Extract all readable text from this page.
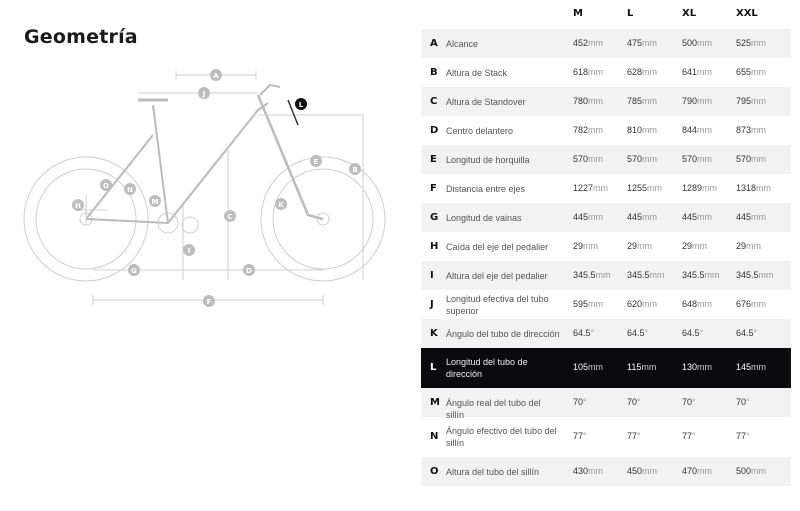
Geometría
A
B
C
D
E
F
G
H
I
J
K
L
M
N
O
M	L	XL	XXL
A Alcance	452mm	475mm	500mm	525mm
B Altura de Stack	618mm	628mm	641mm	655mm
C Altura de Standover	780mm	785mm	790mm	795mm
D Centro delantero	782mm	810mm	844mm	873mm
E Longitud de horquilla	570mm	570mm	570mm	570mm
F Distancia entre ejes	1227mm 1255mm 1289mm 1318mm
G Longitud de vainas	445mm	445mm	445mm	445mm
H Caída del eje del pedalier	29mm	29mm	29mm	29mm
I Altura del eje del pedalier	345.5mm 345.5mm 345.5mm 345.5mm
J Longitud efectiva del tubo superior
595mm	620mm	648mm	676mm
K Ángulo del tubo de dirección 64.5°	64.5°	64.5°	64.5°
L Longitud del tubo de dirección
105mm	115mm	130mm	145mm
M Ángulo real del tubo del sillín
70°	70°	70°	70°
N Ángulo efectivo del tubo del sillín
77°	77°	77°	77°
O Altura del tubo del sillín	430mm	450mm	470mm	500mm
